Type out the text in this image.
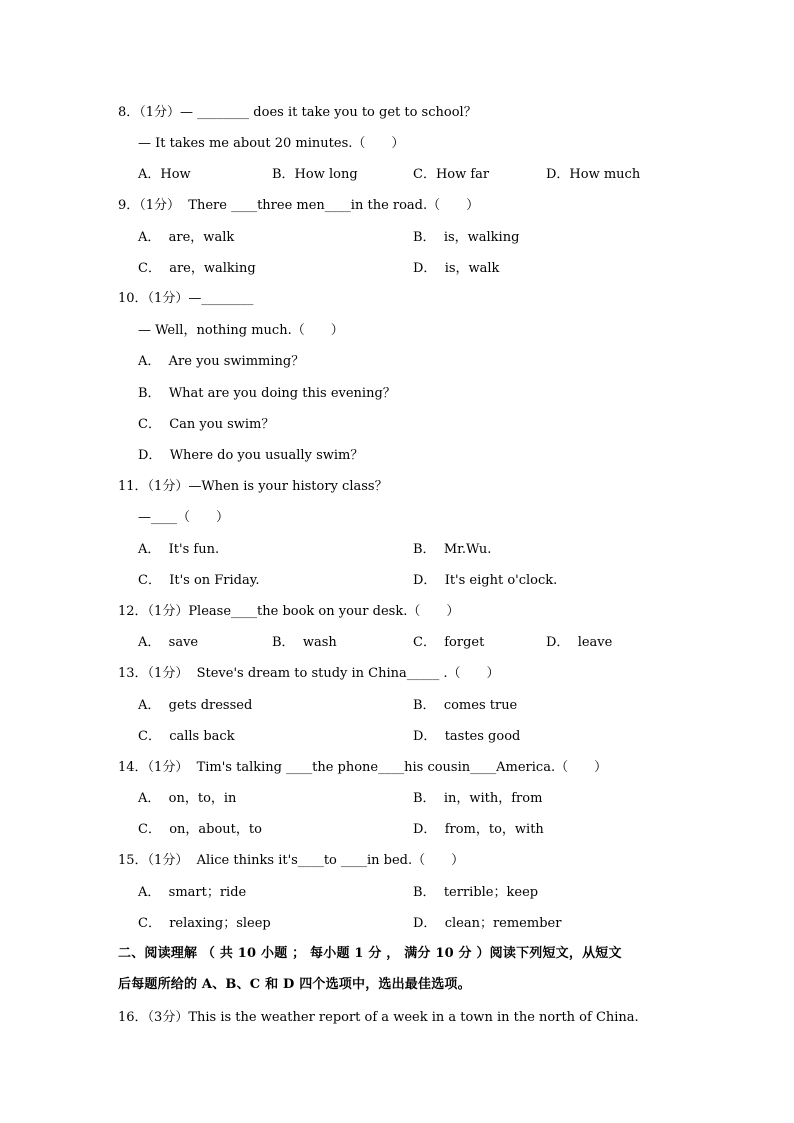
8．（1分）— ________ does it take you to get to school？
— It takes me about 20 minutes.（　　）
A．How	B．How long	C．How far	D．How much
9．（1分）  There ____three men____in the road.（　　）
A．  are，walk	B．  is，walking
C．  are，walking	D．  is，walk
10．（1分）—________
— Well，nothing much.（　　）
A．  Are you swimming？
B．  What are you doing this evening？
C．  Can you swim？
D．  Where do you usually swim？
11．（1分）—When is your history class？
—____（　　）
A．  It's fun.	B．  Mr.Wu.
C．  It's on Friday.	D．  It's eight o'clock.
12．（1分）Please____the book on your desk.（　　）
A．  save	B．  wash	C．  forget	D．  leave
13．（1分）  Steve's dream to study in China_____ .（　　）
A．  gets dressed	B．  comes true
C．  calls back	D．  tastes good
14．（1分）  Tim's talking ____the phone____his cousin____America.（　　）
A．  on，to，in	B．  in，with，from
C．  on，about，to	D．  from，to，with
15．（1分）  Alice thinks it's____to ____in bed.（　　）
A．  smart；ride	B．  terrible；keep
C．  relaxing；sleep	D．  clean；remember
二、阅读理解 （ 共 10 小题 ； 每小题 1 分 ， 满分 10 分 ）阅读下列短文，从短文
后每题所给的 A、B、C 和 D 四个选项中，选出最佳选项。
16．（3分）This is the weather report of a week in a town in the north of China.
